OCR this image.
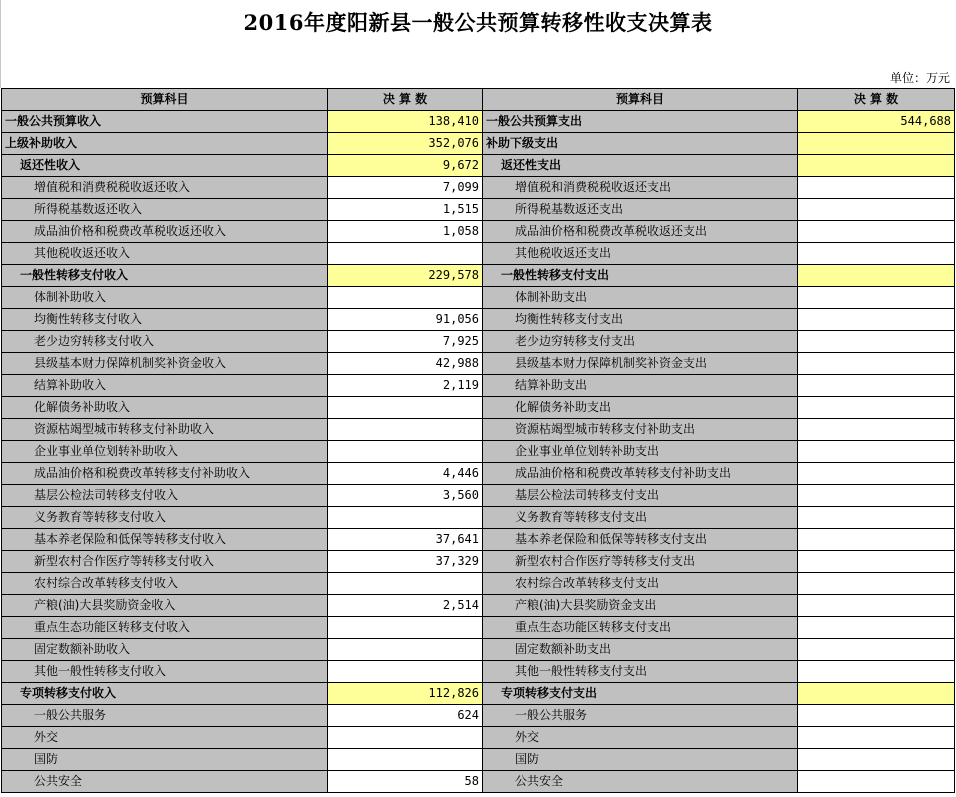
2016年度阳新县一般公共预算转移性收支决算表
单位：万元
预算科目	决 算 数	预算科目	决 算 数
一般公共预算收入	138,410	一般公共预算支出	544,688
上级补助收入	352,076	补助下级支出	
返还性收入	9,672	返还性支出	
增值税和消费税税收返还收入	7,099	增值税和消费税税收返还支出	
所得税基数返还收入	1,515	所得税基数返还支出	
成品油价格和税费改革税收返还收入	1,058	成品油价格和税费改革税收返还支出	
其他税收返还收入		其他税收返还支出	
一般性转移支付收入	229,578	一般性转移支付支出	
体制补助收入		体制补助支出	
均衡性转移支付收入	91,056	均衡性转移支付支出	
老少边穷转移支付收入	7,925	老少边穷转移支付支出	
县级基本财力保障机制奖补资金收入	42,988	县级基本财力保障机制奖补资金支出	
结算补助收入	2,119	结算补助支出	
化解债务补助收入		化解债务补助支出	
资源枯竭型城市转移支付补助收入		资源枯竭型城市转移支付补助支出	
企业事业单位划转补助收入		企业事业单位划转补助支出	
成品油价格和税费改革转移支付补助收入	4,446	成品油价格和税费改革转移支付补助支出	
基层公检法司转移支付收入	3,560	基层公检法司转移支付支出	
义务教育等转移支付收入		义务教育等转移支付支出	
基本养老保险和低保等转移支付收入	37,641	基本养老保险和低保等转移支付支出	
新型农村合作医疗等转移支付收入	37,329	新型农村合作医疗等转移支付支出	
农村综合改革转移支付收入		农村综合改革转移支付支出	
产粮(油)大县奖励资金收入	2,514	产粮(油)大县奖励资金支出	
重点生态功能区转移支付收入		重点生态功能区转移支付支出	
固定数额补助收入		固定数额补助支出	
其他一般性转移支付收入		其他一般性转移支付支出	
专项转移支付收入	112,826	专项转移支付支出	
一般公共服务	624	一般公共服务	
外交		外交	
国防		国防	
公共安全	58	公共安全	
